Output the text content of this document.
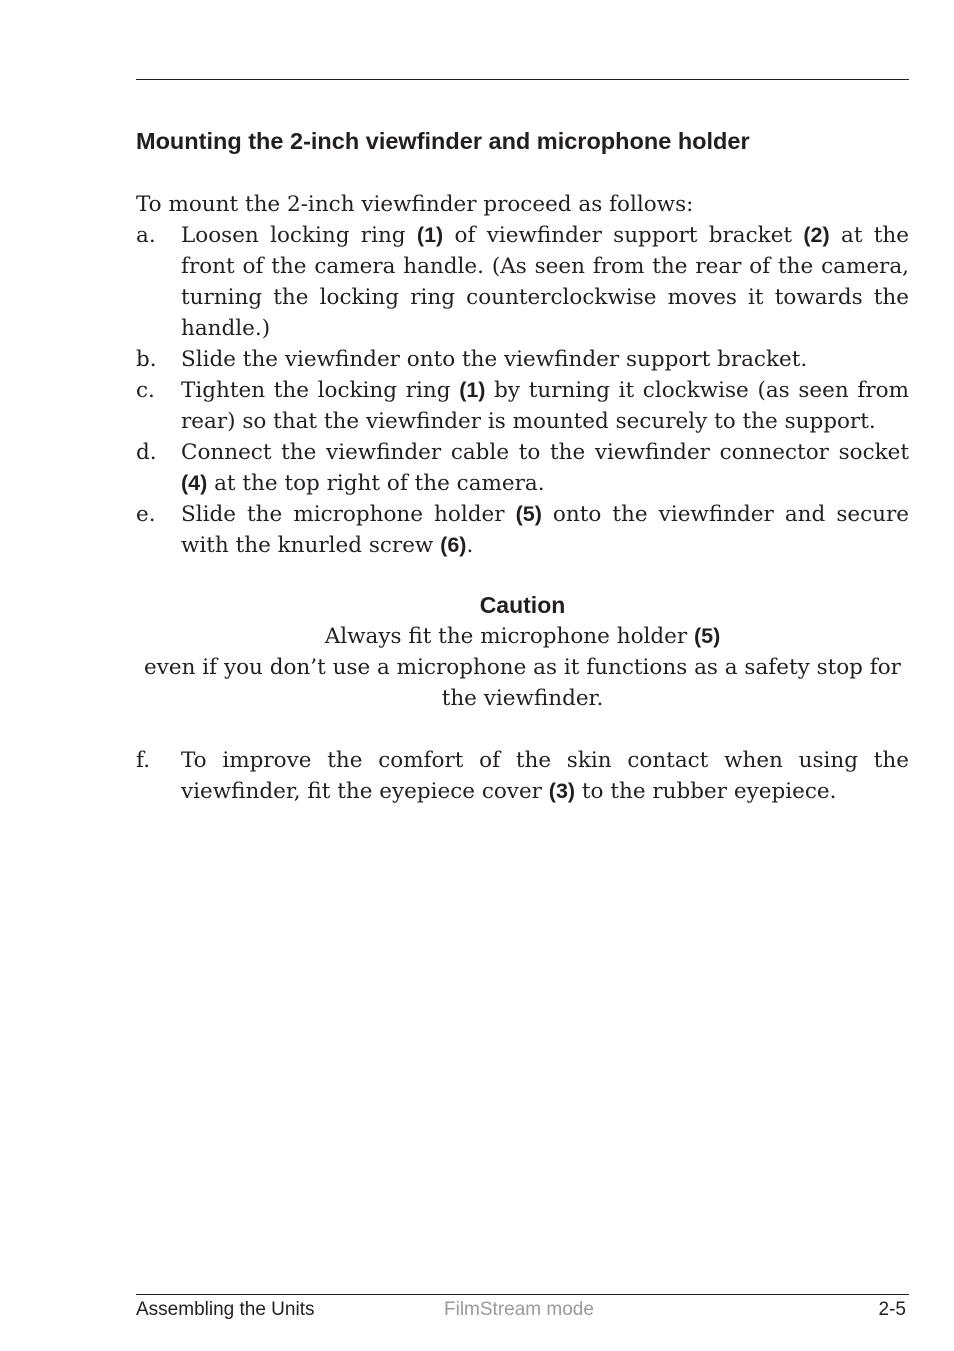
Mounting the 2-inch viewfinder and microphone holder

To mount the 2-inch viewfinder proceed as follows:

a. Loosen locking ring (1) of viewfinder support bracket (2) at the front of the camera handle. (As seen from the rear of the camera, turning the locking ring counterclockwise moves it towards the handle.)
b. Slide the viewfinder onto the viewfinder support bracket.
c. Tighten the locking ring (1) by turning it clockwise (as seen from rear) so that the viewfinder is mounted securely to the support.
d. Connect the viewfinder cable to the viewfinder connector socket (4) at the top right of the camera.
e. Slide the microphone holder (5) onto the viewfinder and secure with the knurled screw (6).

Caution

Always fit the microphone holder (5)
even if you don’t use a microphone as it functions as a safety stop for the viewfinder.

f. To improve the comfort of the skin contact when using the viewfinder, fit the eyepiece cover (3) to the rubber eyepiece.
Assembling the Units	FilmStream mode	2-5
